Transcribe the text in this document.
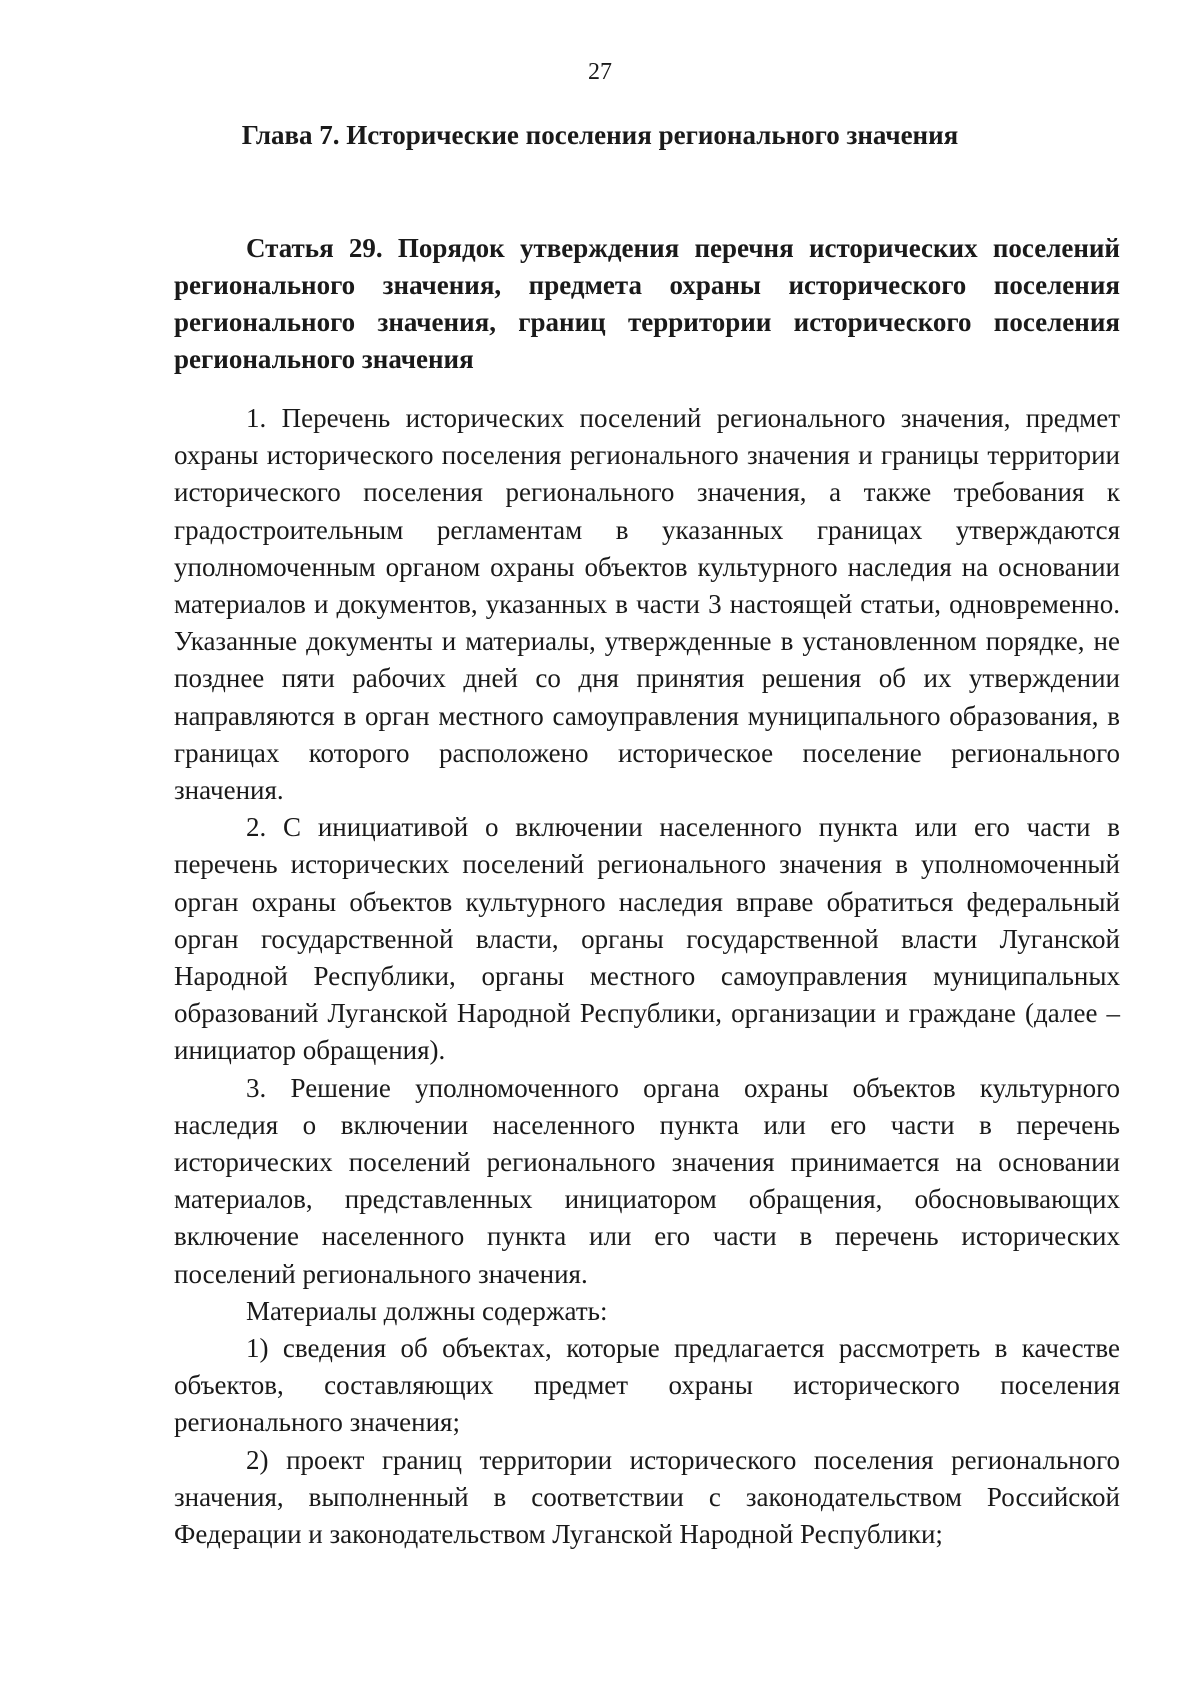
27
Глава 7. Исторические поселения регионального значения

Статья 29. Порядок утверждения перечня исторических поселений регионального значения, предмета охраны исторического поселения регионального значения, границ территории исторического поселения регионального значения

1. Перечень исторических поселений регионального значения, предмет охраны исторического поселения регионального значения и границы территории исторического поселения регионального значения, а также требования к градостроительным регламентам в указанных границах утверждаются уполномоченным органом охраны объектов культурного наследия на основании материалов и документов, указанных в части 3 настоящей статьи, одновременно. Указанные документы и материалы, утвержденные в установленном порядке, не позднее пяти рабочих дней со дня принятия решения об их утверждении направляются в орган местного самоуправления муниципального образования, в границах которого расположено историческое поселение регионального значения.

2. С инициативой о включении населенного пункта или его части в перечень исторических поселений регионального значения в уполномоченный орган охраны объектов культурного наследия вправе обратиться федеральный орган государственной власти, органы государственной власти Луганской Народной Республики, органы местного самоуправления муниципальных образований Луганской Народной Республики, организации и граждане (далее – инициатор обращения).

3. Решение уполномоченного органа охраны объектов культурного наследия о включении населенного пункта или его части в перечень исторических поселений регионального значения принимается на основании материалов, представленных инициатором обращения, обосновывающих включение населенного пункта или его части в перечень исторических поселений регионального значения.

Материалы должны содержать:

1) сведения об объектах, которые предлагается рассмотреть в качестве объектов, составляющих предмет охраны исторического поселения регионального значения;

2) проект границ территории исторического поселения регионального значения, выполненный в соответствии с законодательством Российской Федерации и законодательством Луганской Народной Республики;
